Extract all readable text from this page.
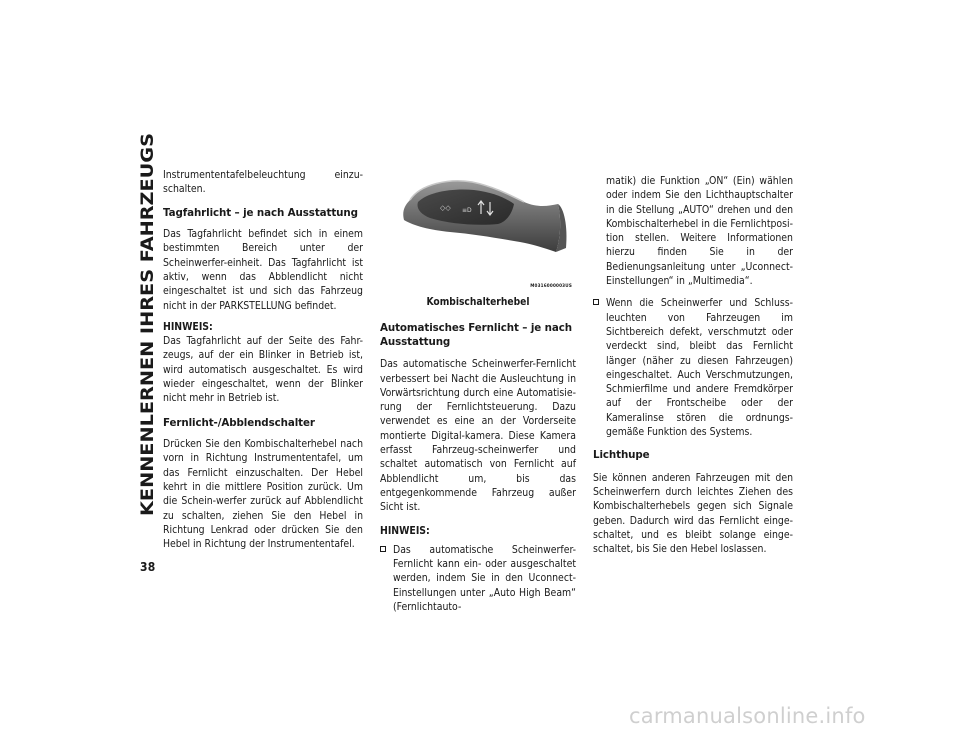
KENNENLERNEN IHRES FAHRZEUGS
38

Instrumententafelbeleuchtung einzu-schalten.

Tagfahrlicht – je nach Ausstattung

Das Tagfahrlicht befindet sich in einem bestimmten Bereich unter der Scheinwerfer-einheit. Das Tagfahrlicht ist aktiv, wenn das Abblendlicht nicht eingeschaltet ist und sich das Fahrzeug nicht in der PARKSTELLUNG befindet.

HINWEIS:

Das Tagfahrlicht auf der Seite des Fahr-zeugs, auf der ein Blinker in Betrieb ist, wird automatisch ausgeschaltet. Es wird wieder eingeschaltet, wenn der Blinker nicht mehr in Betrieb ist.

Fernlicht-/Abblendschalter

Drücken Sie den Kombischalterhebel nach vorn in Richtung Instrumententafel, um das Fernlicht einzuschalten. Der Hebel kehrt in die mittlere Position zurück. Um die Schein-werfer zurück auf Abblendlicht zu schalten, ziehen Sie den Hebel in Richtung Lenkrad oder drücken Sie den Hebel in Richtung der Instrumententafel.

◇◇ ≡D
M0316000003US
Kombischalterhebel
Automatisches Fernlicht – je nach Ausstattung

Das automatische Scheinwerfer-Fernlicht verbessert bei Nacht die Ausleuchtung in Vorwärtsrichtung durch eine Automatisie-rung der Fernlichtsteuerung. Dazu verwendet es eine an der Vorderseite montierte Digital-kamera. Diese Kamera erfasst Fahrzeug-scheinwerfer und schaltet automatisch von Fernlicht auf Abblendlicht um, bis das entgegenkommende Fahrzeug außer Sicht ist.

HINWEIS:
Das automatische Scheinwerfer-Fernlicht kann ein- oder ausgeschaltet werden, indem Sie in den Uconnect-Einstellungen unter „Auto High Beam“ (Fernlichtauto-
matik) die Funktion „ON“ (Ein) wählen oder indem Sie den Lichthauptschalter in die Stellung „AUTO“ drehen und den Kombischalterhebel in die Fernlichtposi-tion stellen. Weitere Informationen hierzu finden Sie in der Bedienungsanleitung unter „Uconnect-Einstellungen“ in „Multimedia“.
Wenn die Scheinwerfer und Schluss-leuchten von Fahrzeugen im Sichtbereich defekt, verschmutzt oder verdeckt sind, bleibt das Fernlicht länger (näher zu diesen Fahrzeugen) eingeschaltet. Auch Verschmutzungen, Schmierfilme und andere Fremdkörper auf der Frontscheibe oder der Kameralinse stören die ordnungs-gemäße Funktion des Systems.
Lichthupe

Sie können anderen Fahrzeugen mit den Scheinwerfern durch leichtes Ziehen des Kombischalterhebels gegen sich Signale geben. Dadurch wird das Fernlicht einge-schaltet, und es bleibt solange einge-schaltet, bis Sie den Hebel loslassen.

carmanualsonline.info
